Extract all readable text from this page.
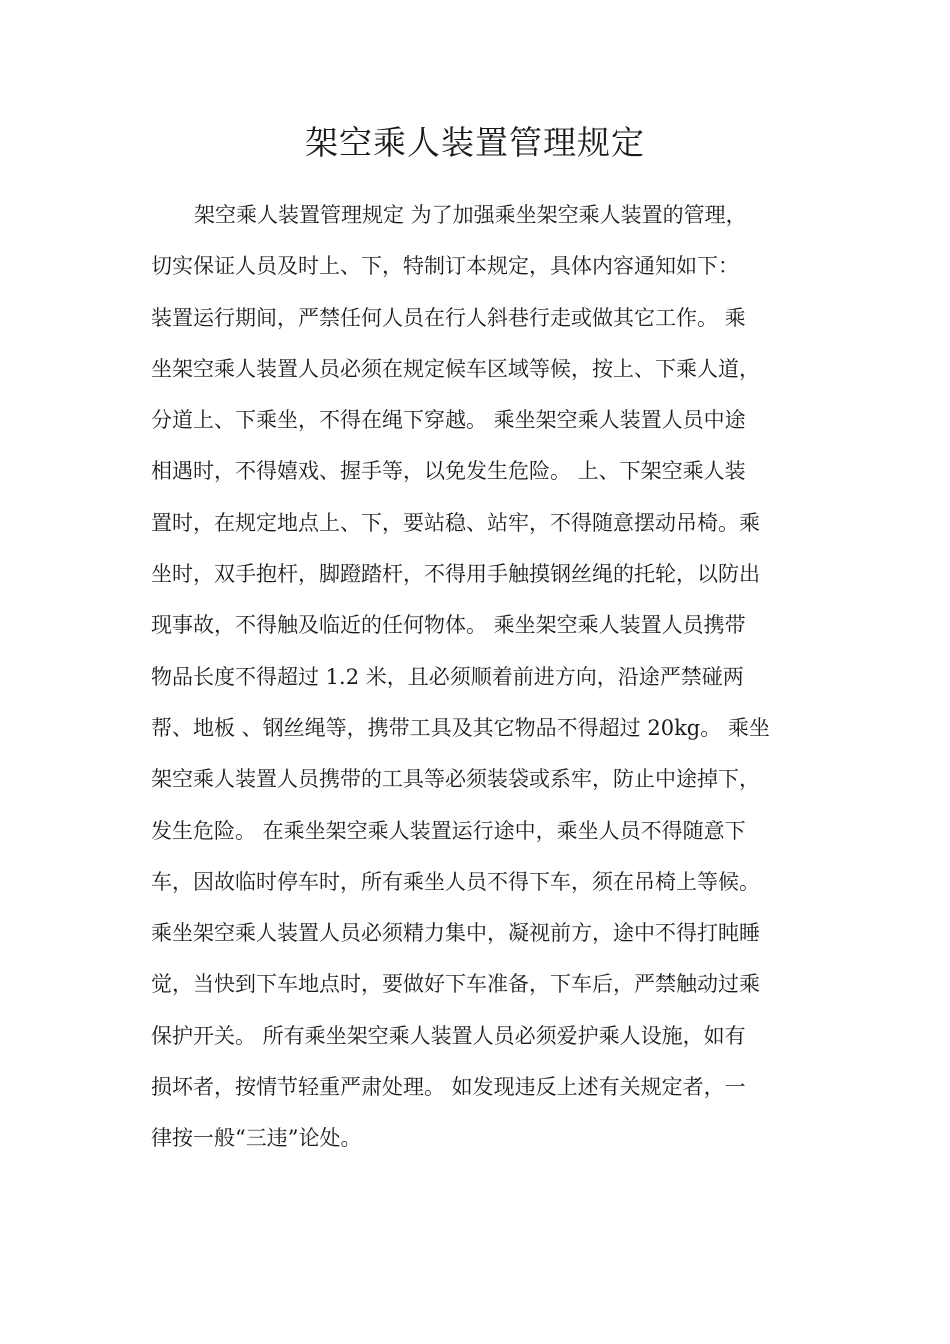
架空乘人装置管理规定
架空乘人装置管理规定 为了加强乘坐架空乘人装置的管理，
切实保证人员及时上、下，特制订本规定，具体内容通知如下：
装置运行期间，严禁任何人员在行人斜巷行走或做其它工作。 乘
坐架空乘人装置人员必须在规定候车区域等候，按上、下乘人道，
分道上、下乘坐，不得在绳下穿越。 乘坐架空乘人装置人员中途
相遇时，不得嬉戏、握手等，以免发生危险。 上、下架空乘人装
置时，在规定地点上、下，要站稳、站牢，不得随意摆动吊椅。乘
坐时，双手抱杆，脚蹬踏杆，不得用手触摸钢丝绳的托轮，以防出
现事故，不得触及临近的任何物体。 乘坐架空乘人装置人员携带
物品长度不得超过 1.2 米，且必须顺着前进方向，沿途严禁碰两
帮、地板 、钢丝绳等，携带工具及其它物品不得超过 20kg。 乘坐
架空乘人装置人员携带的工具等必须装袋或系牢，防止中途掉下，
发生危险。 在乘坐架空乘人装置运行途中，乘坐人员不得随意下
车，因故临时停车时，所有乘坐人员不得下车，须在吊椅上等候。
乘坐架空乘人装置人员必须精力集中，凝视前方，途中不得打盹睡
觉，当快到下车地点时，要做好下车准备，下车后，严禁触动过乘
保护开关。 所有乘坐架空乘人装置人员必须爱护乘人设施，如有
损坏者，按情节轻重严肃处理。 如发现违反上述有关规定者，一
律按一般“三违”论处。
